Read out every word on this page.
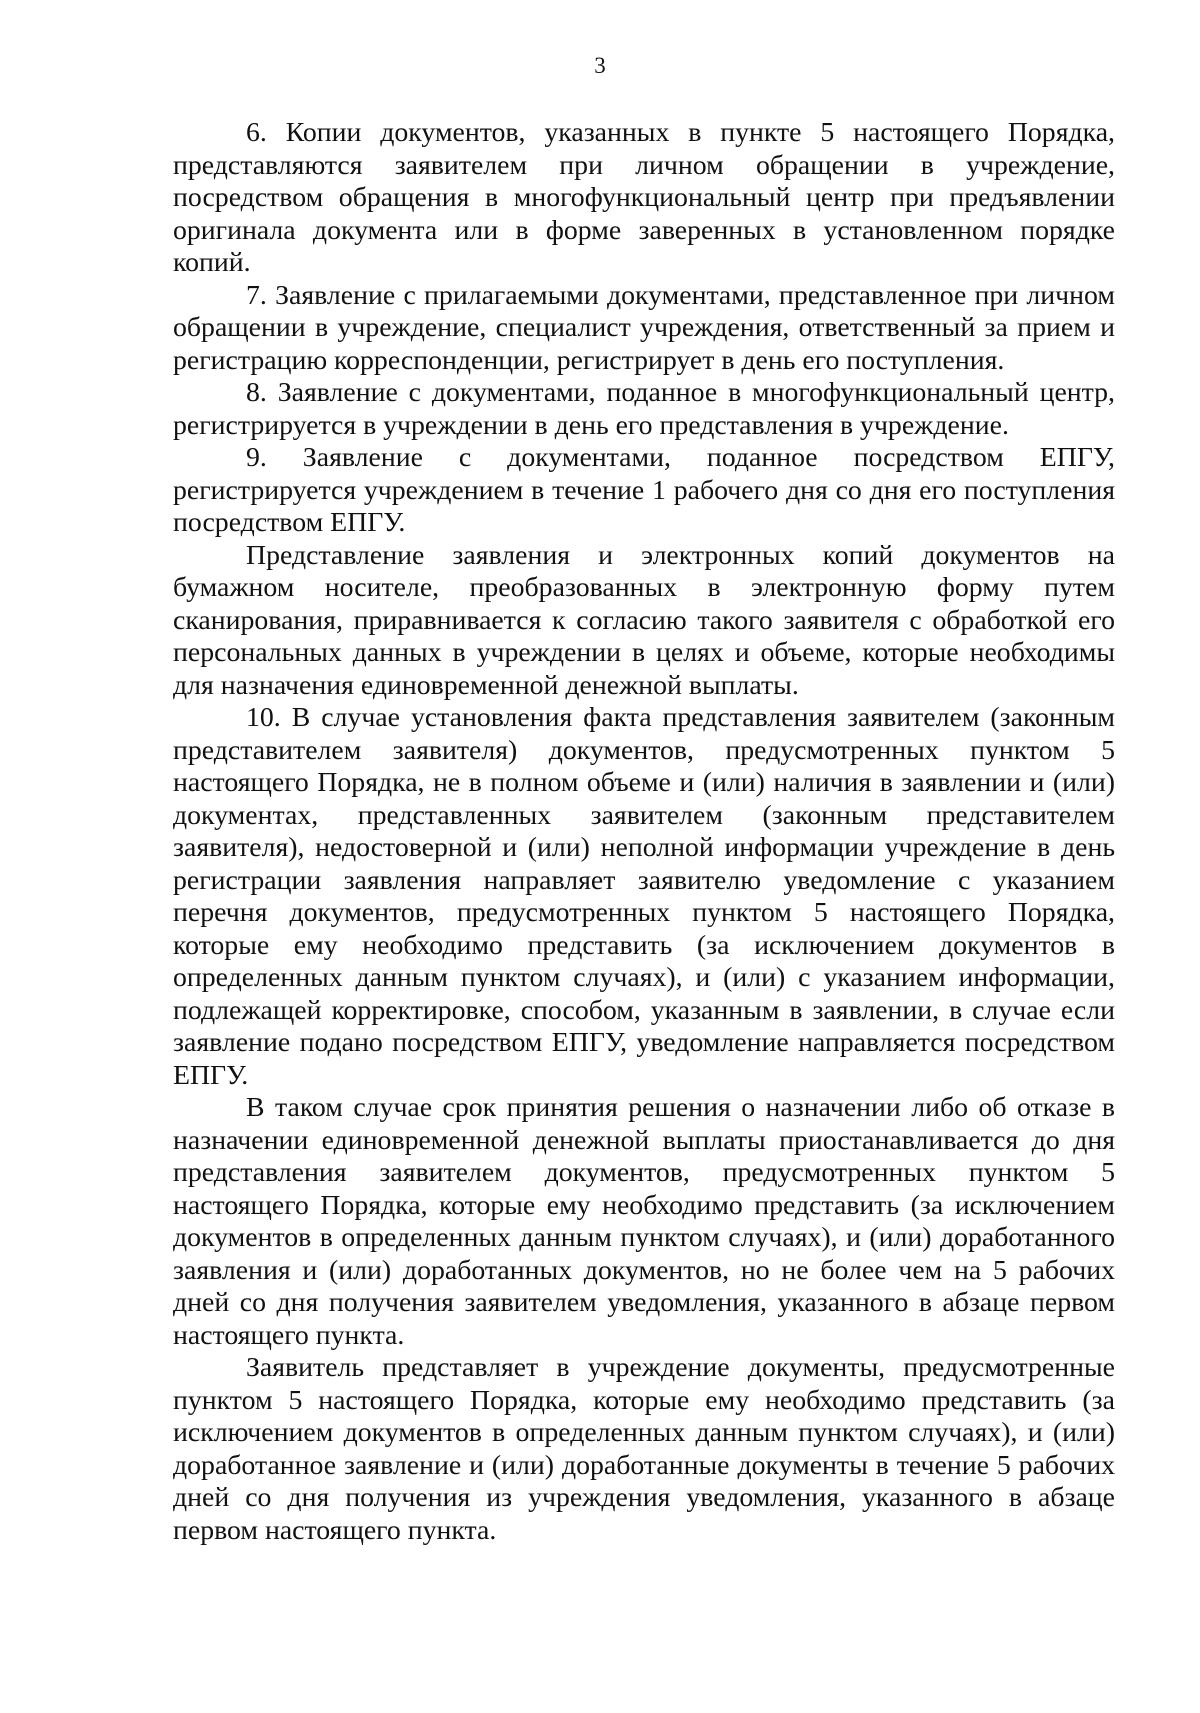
3

6. Копии документов, указанных в пункте 5 настоящего Порядка, представляются заявителем при личном обращении в учреждение, посредством обращения в многофункциональный центр при предъявлении оригинала документа или в форме заверенных в установленном порядке копий.

7. Заявление с прилагаемыми документами, представленное при личном обращении в учреждение, специалист учреждения, ответственный за прием и регистрацию корреспонденции, регистрирует в день его поступления.

8. Заявление с документами, поданное в многофункциональный центр, регистрируется в учреждении в день его представления в учреждение.

9. Заявление с документами, поданное посредством ЕПГУ, регистрируется учреждением в течение 1 рабочего дня со дня его поступления посредством ЕПГУ.

Представление заявления и электронных копий документов на бумажном носителе, преобразованных в электронную форму путем сканирования, приравнивается к согласию такого заявителя с обработкой его персональных данных в учреждении в целях и объеме, которые необходимы для назначения единовременной денежной выплаты.

10. В случае установления факта представления заявителем (законным представителем заявителя) документов, предусмотренных пунктом 5 настоящего Порядка, не в полном объеме и (или) наличия в заявлении и (или) документах, представленных заявителем (законным представителем заявителя), недостоверной и (или) неполной информации учреждение в день регистрации заявления направляет заявителю уведомление с указанием перечня документов, предусмотренных пунктом 5 настоящего Порядка, которые ему необходимо представить (за исключением документов в определенных данным пунктом случаях), и (или) с указанием информации, подлежащей корректировке, способом, указанным в заявлении, в случае если заявление подано посредством ЕПГУ, уведомление направляется посредством ЕПГУ.

В таком случае срок принятия решения о назначении либо об отказе в назначении единовременной денежной выплаты приостанавливается до дня представления заявителем документов, предусмотренных пунктом 5 настоящего Порядка, которые ему необходимо представить (за исключением документов в определенных данным пунктом случаях), и (или) доработанного заявления и (или) доработанных документов, но не более чем на 5 рабочих дней со дня получения заявителем уведомления, указанного в абзаце первом настоящего пункта.

Заявитель представляет в учреждение документы, предусмотренные пунктом 5 настоящего Порядка, которые ему необходимо представить (за исключением документов в определенных данным пунктом случаях), и (или) доработанное заявление и (или) доработанные документы в течение 5 рабочих дней со дня получения из учреждения уведомления, указанного в абзаце первом настоящего пункта.
